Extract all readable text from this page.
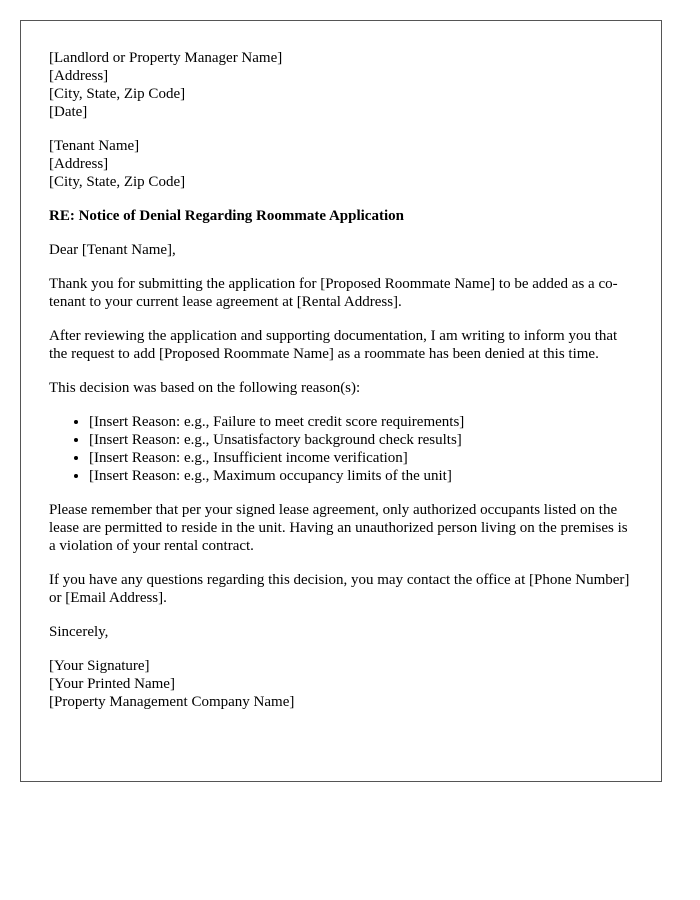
[Landlord or Property Manager Name]
[Address]
[City, State, Zip Code]
[Date]
[Tenant Name]
[Address]
[City, State, Zip Code]
RE: Notice of Denial Regarding Roommate Application

Dear [Tenant Name],

Thank you for submitting the application for [Proposed Roommate Name] to be added as a co-tenant to your current lease agreement at [Rental Address].

After reviewing the application and supporting documentation, I am writing to inform you that the request to add [Proposed Roommate Name] as a roommate has been denied at this time.

This decision was based on the following reason(s):

• [Insert Reason: e.g., Failure to meet credit score requirements]
• [Insert Reason: e.g., Unsatisfactory background check results]
• [Insert Reason: e.g., Insufficient income verification]
• [Insert Reason: e.g., Maximum occupancy limits of the unit]

Please remember that per your signed lease agreement, only authorized occupants listed on the lease are permitted to reside in the unit. Having an unauthorized person living on the premises is a violation of your rental contract.

If you have any questions regarding this decision, you may contact the office at [Phone Number] or [Email Address].

Sincerely,

[Your Signature]
[Your Printed Name]
[Property Management Company Name]
